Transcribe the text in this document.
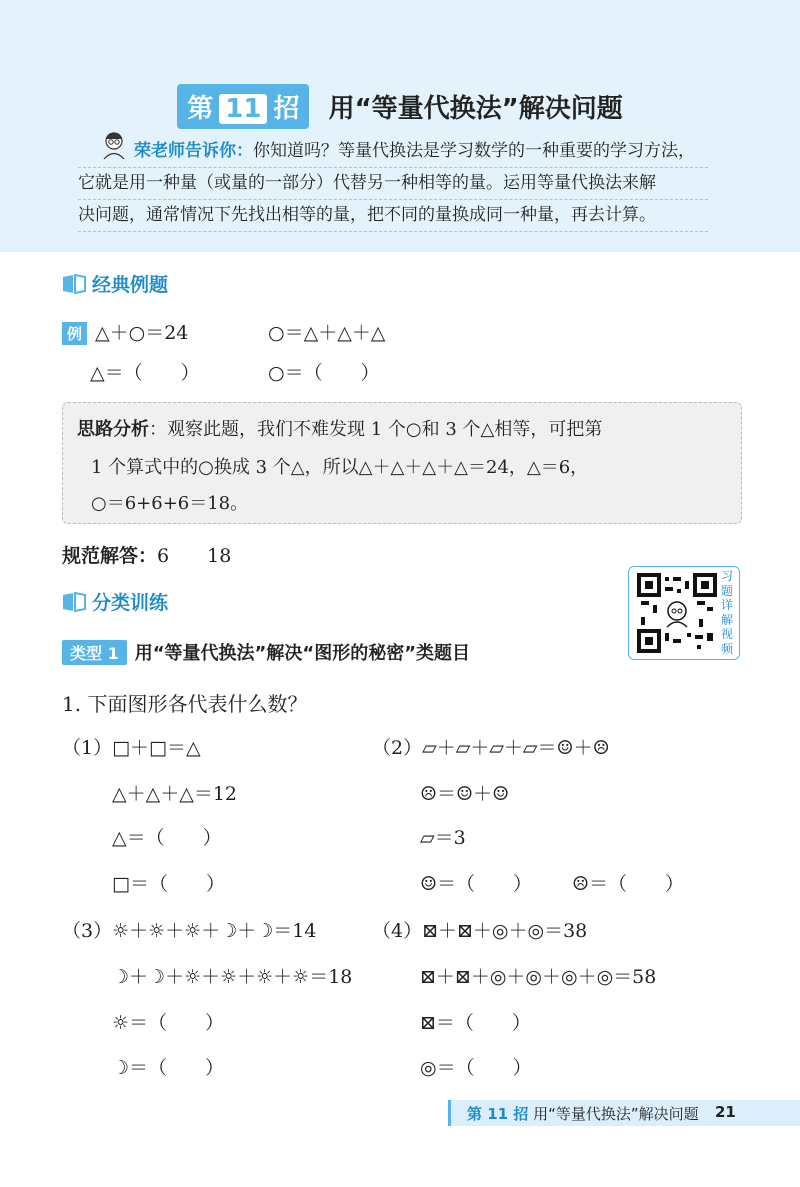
第 11 招 用“等量代换法”解决问题
荣老师告诉你：你知道吗？等量代换法是学习数学的一种重要的学习方法，
它就是用一种量（或量的一部分）代替另一种相等的量。运用等量代换法来解
决问题，通常情况下先找出相等的量，把不同的量换成同一种量，再去计算。
经典例题
例 △＋○＝24	○＝△＋△＋△
△＝（　　）	○＝（　　）
思路分析：观察此题，我们不难发现 1 个○和 3 个△相等，可把第
1 个算式中的○换成 3 个△，所以△＋△＋△＋△＝24，△＝6，
○＝6+6+6＝18。
规范解答：6　　18
分类训练
习题详解视频
类型 1 用“等量代换法”解决“图形的秘密”类题目
1. 下面图形各代表什么数？
（1）□＋□＝△
△＋△＋△＝12
△＝（　　）
□＝（　　）
（2）▱＋▱＋▱＋▱＝☺＋☹
☹＝☺＋☺
▱＝3
☺＝（　　） ☹＝（　　）
（3）☼＋☼＋☼＋☽＋☽＝14
☽＋☽＋☼＋☼＋☼＋☼＝18
☼＝（　　）
☽＝（　　）
（4）⊠＋⊠＋◎＋◎＝38
⊠＋⊠＋◎＋◎＋◎＋◎＝58
⊠＝（　　）
◎＝（　　）
第 11 招 用“等量代换法”解决问题 21
